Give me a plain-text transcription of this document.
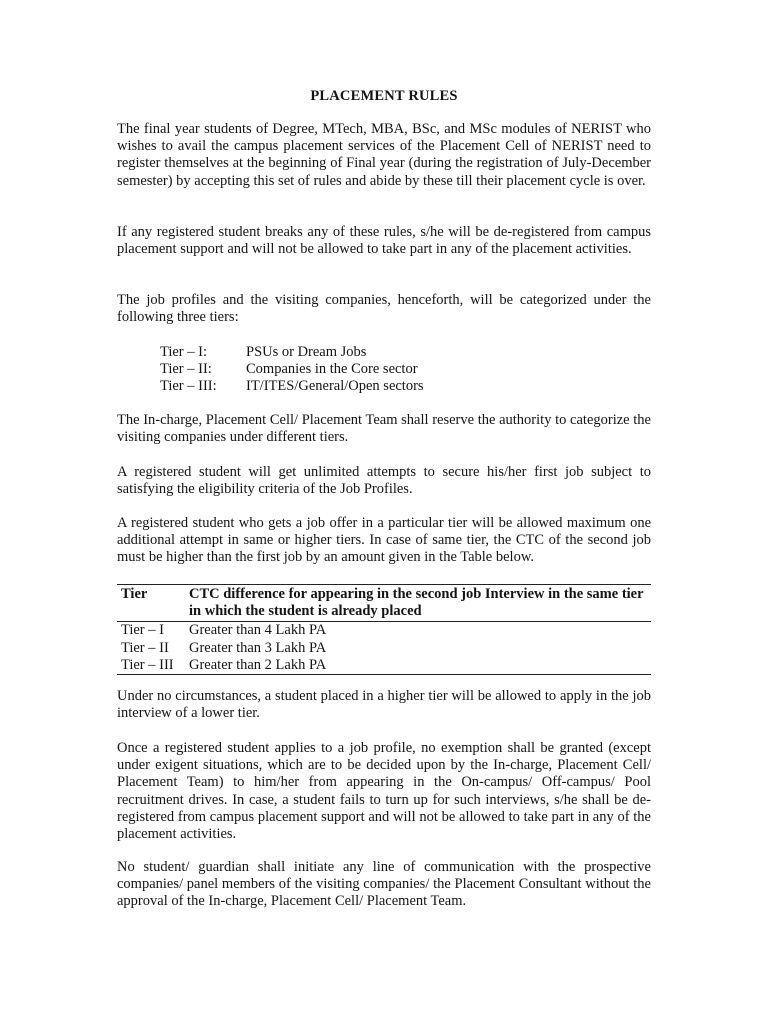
PLACEMENT RULES

The final year students of Degree, MTech, MBA, BSc, and MSc modules of NERIST who wishes to avail the campus placement services of the Placement Cell of NERIST need to register themselves at the beginning of Final year (during the registration of July-December semester) by accepting this set of rules and abide by these till their placement cycle is over.

If any registered student breaks any of these rules, s/he will be de-registered from campus placement support and will not be allowed to take part in any of the placement activities.

The job profiles and the visiting companies, henceforth, will be categorized under the following three tiers:

Tier – I:	PSUs or Dream Jobs
Tier – II:	Companies in the Core sector
Tier – III:	IT/ITES/General/Open sectors

The In-charge, Placement Cell/ Placement Team shall reserve the authority to categorize the visiting companies under different tiers.

A registered student will get unlimited attempts to secure his/her first job subject to satisfying the eligibility criteria of the Job Profiles.

A registered student who gets a job offer in a particular tier will be allowed maximum one additional attempt in same or higher tiers. In case of same tier, the CTC of the second job must be higher than the first job by an amount given in the Table below.

Tier	CTC difference for appearing in the second job Interview in the same tier in which the student is already placed
Tier – I	Greater than 4 Lakh PA
Tier – II	Greater than 3 Lakh PA
Tier – III	Greater than 2 Lakh PA

Under no circumstances, a student placed in a higher tier will be allowed to apply in the job interview of a lower tier.

Once a registered student applies to a job profile, no exemption shall be granted (except under exigent situations, which are to be decided upon by the In-charge, Placement Cell/ Placement Team) to him/her from appearing in the On-campus/ Off-campus/ Pool recruitment drives. In case, a student fails to turn up for such interviews, s/he shall be de-registered from campus placement support and will not be allowed to take part in any of the placement activities.

No student/ guardian shall initiate any line of communication with the prospective companies/ panel members of the visiting companies/ the Placement Consultant without the approval of the In-charge, Placement Cell/ Placement Team.
